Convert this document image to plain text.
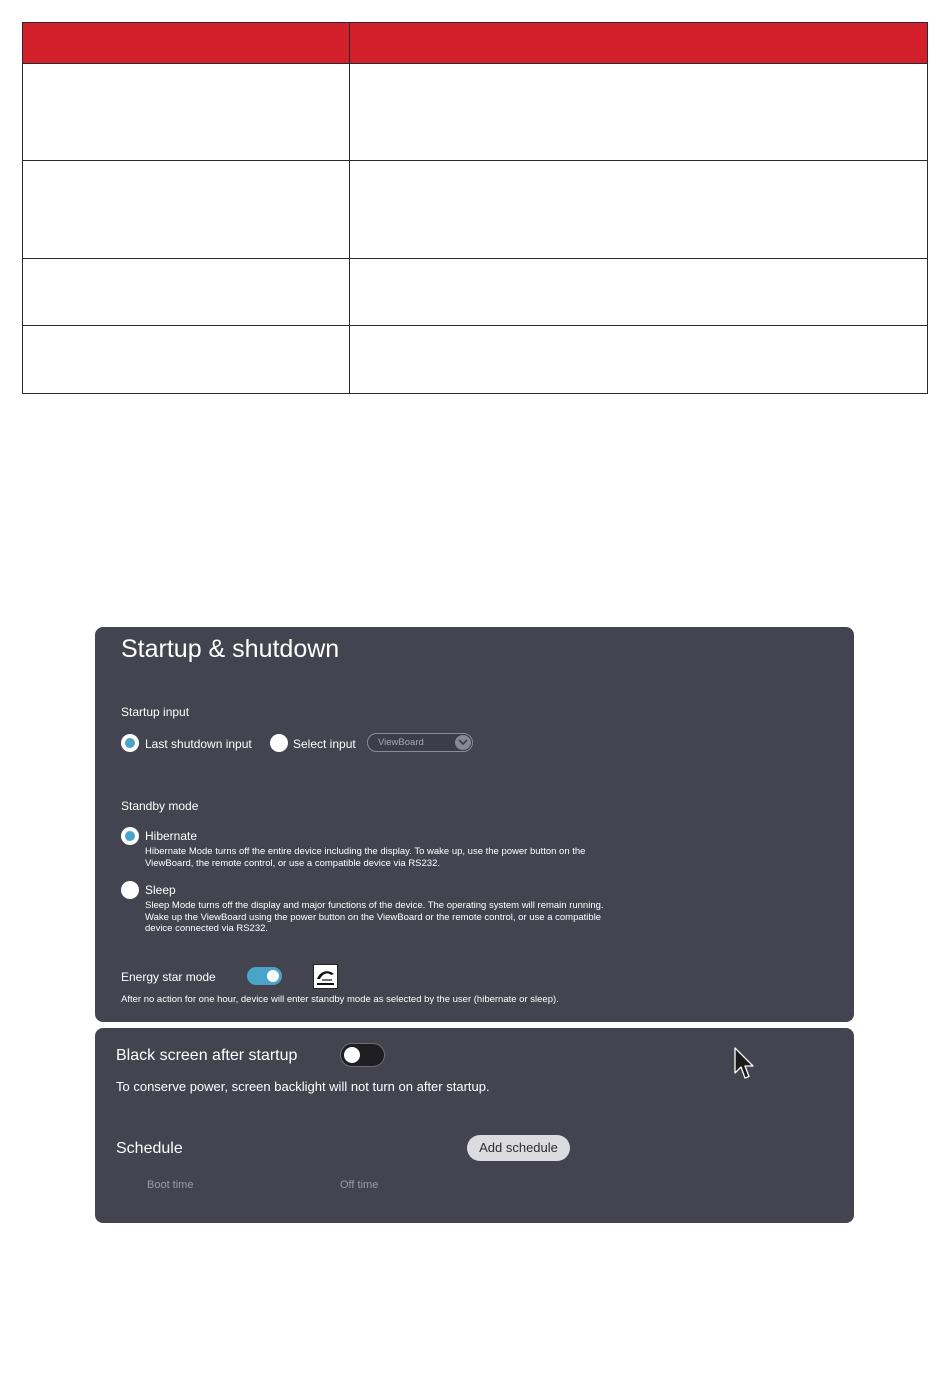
Startup & shutdown
Startup input
Last shutdown input	Select input ViewBoard
Standby mode
Hibernate
Hibernate Mode turns off the entire device including the display. To wake up, use the power button on the ViewBoard, the remote control, or use a compatible device via RS232.
Sleep
Sleep Mode turns off the display and major functions of the device. The operating system will remain running. Wake up the ViewBoard using the power button on the ViewBoard or the remote control, or use a compatible device connected via RS232.
Energy star mode
After no action for one hour, device will enter standby mode as selected by the user (hibernate or sleep).
Black screen after startup
To conserve power, screen backlight will not turn on after startup.
Schedule	Add schedule
Boot time	Off time
